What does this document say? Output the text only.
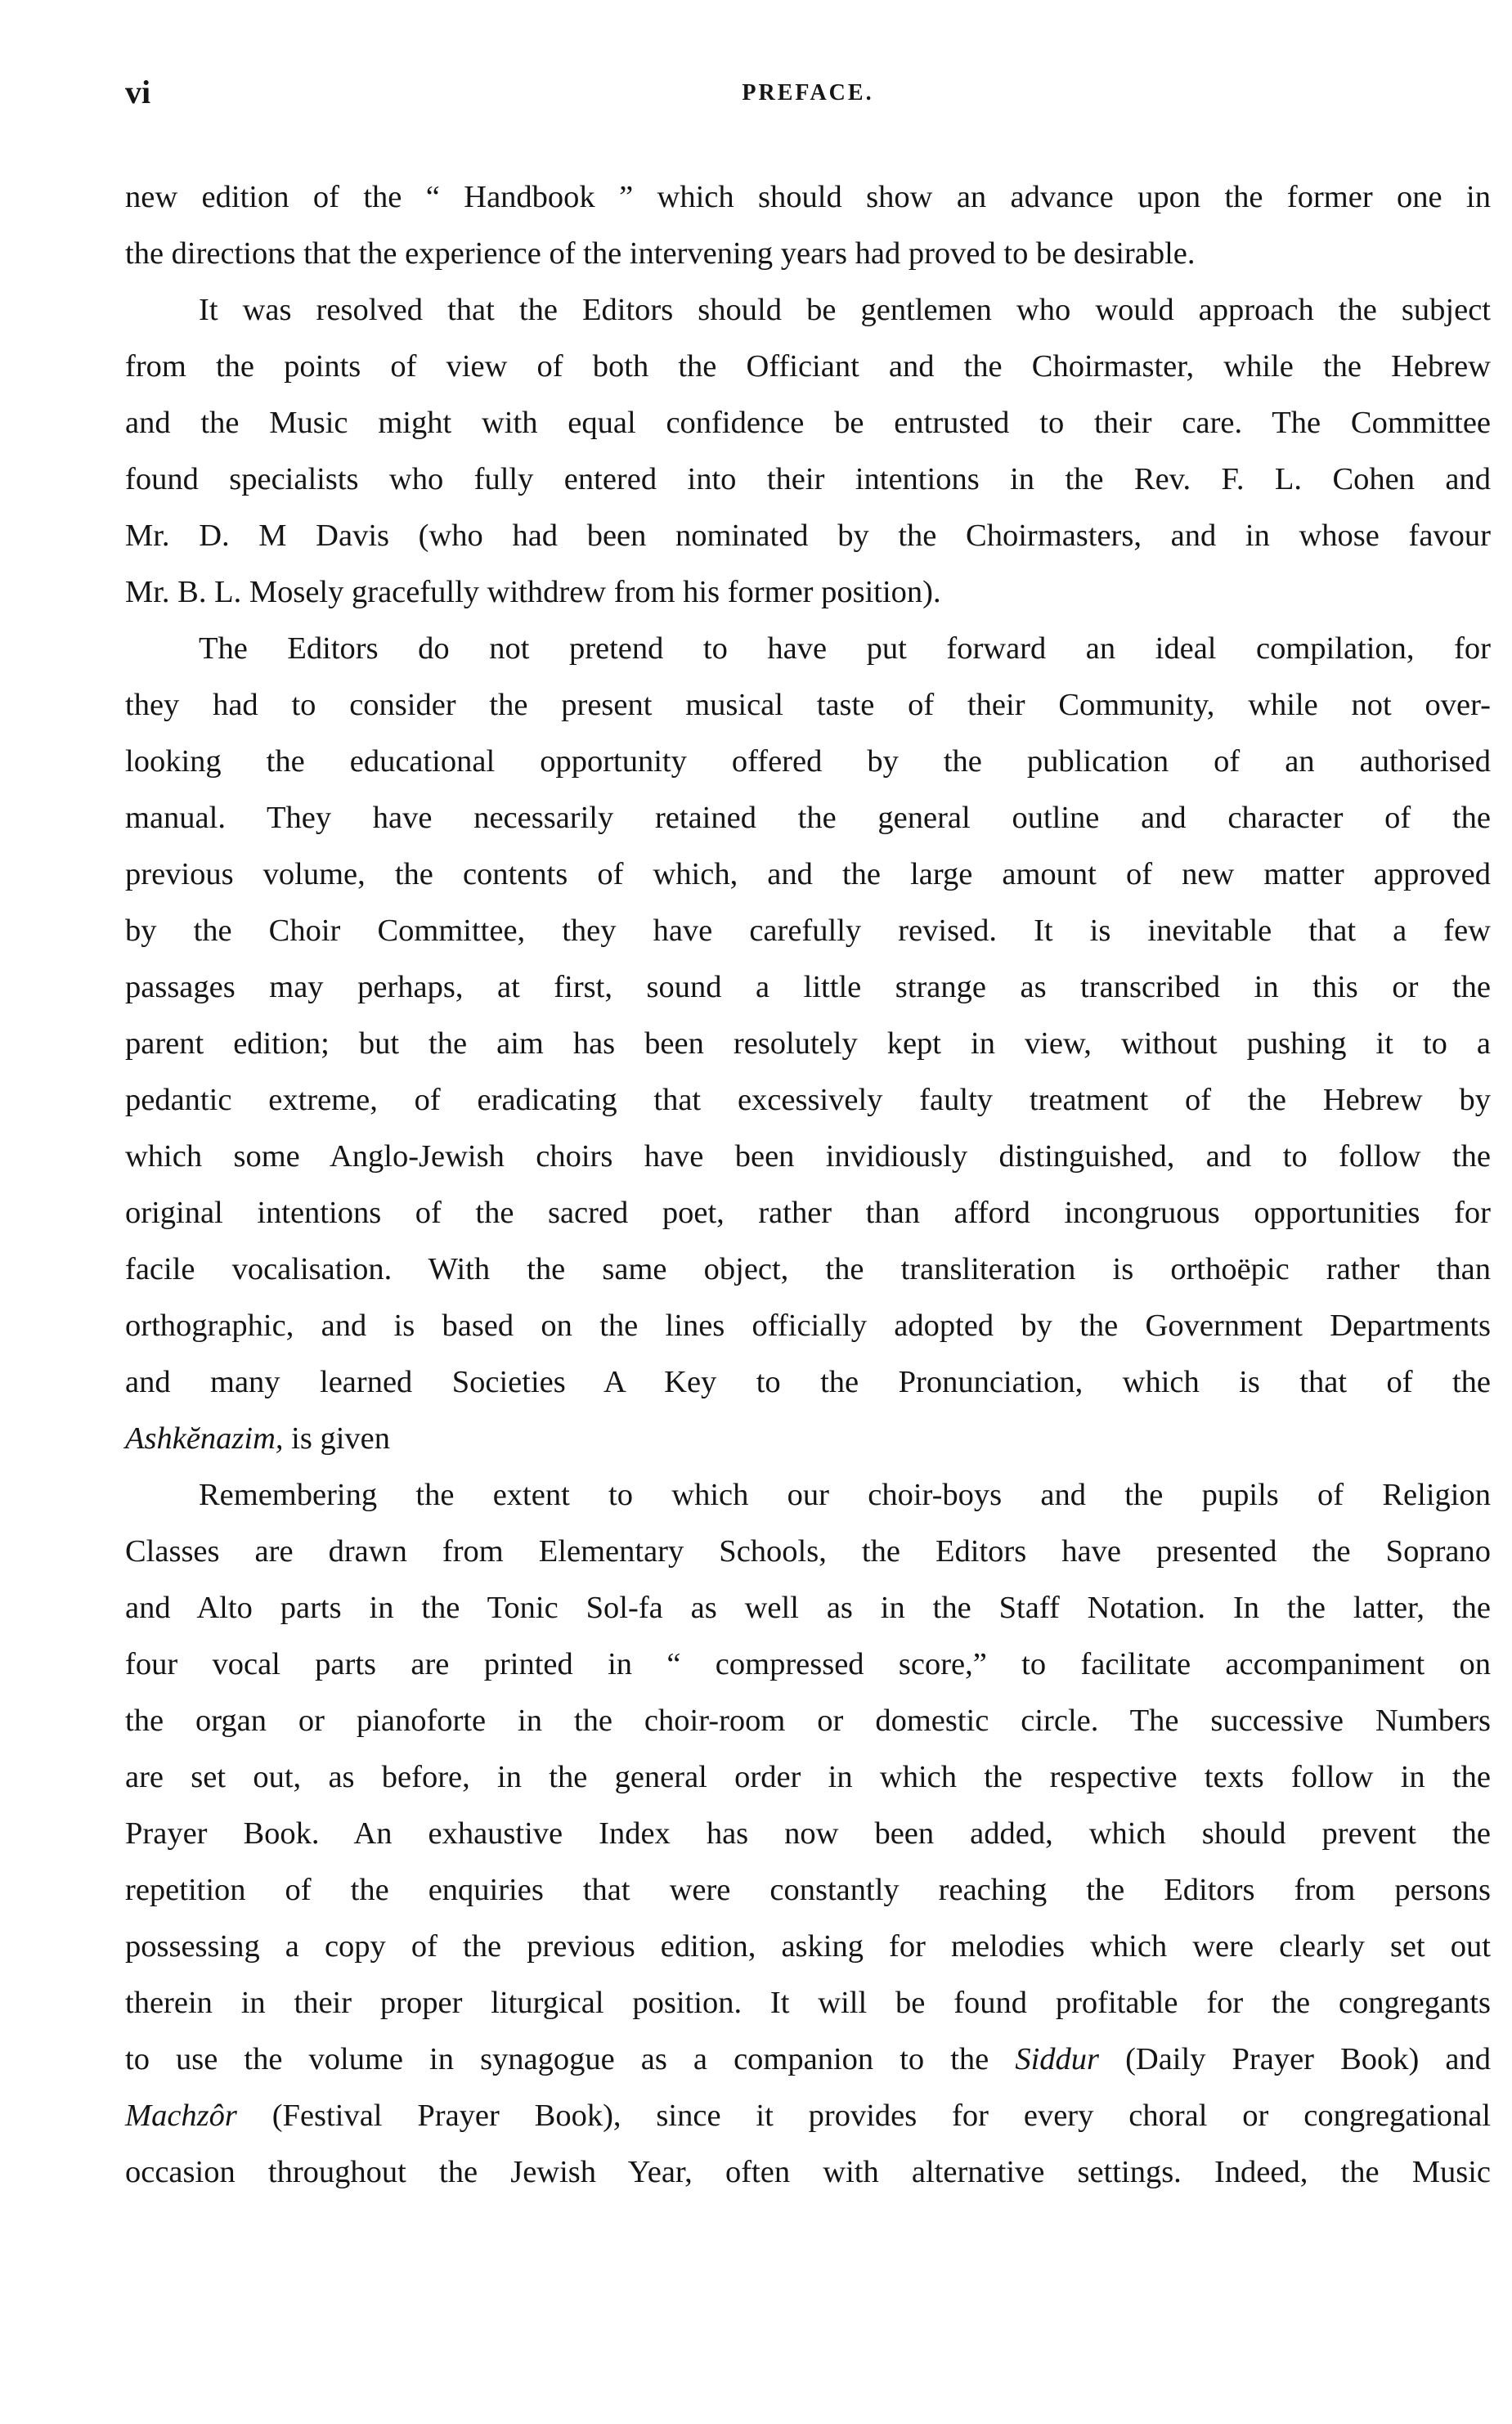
vi	PREFACE.

new edition of the “ Handbook ” which should show an advance upon the former one in
the directions that the experience of the intervening years had proved to be desirable.

It was resolved that the Editors should be gentlemen who would approach the subject
from the points of view of both the Officiant and the Choirmaster, while the Hebrew
and the Music might with equal confidence be entrusted to their care. The Committee
found specialists who fully entered into their intentions in the Rev. F. L. Cohen and
Mr. D. M Davis (who had been nominated by the Choirmasters, and in whose favour
Mr. B. L. Mosely gracefully withdrew from his former position).

The Editors do not pretend to have put forward an ideal compilation, for
they had to consider the present musical taste of their Community, while not over-
looking the educational opportunity offered by the publication of an authorised
manual. They have necessarily retained the general outline and character of the
previous volume, the contents of which, and the large amount of new matter approved
by the Choir Committee, they have carefully revised. It is inevitable that a few
passages may perhaps, at first, sound a little strange as transcribed in this or the
parent edition; but the aim has been resolutely kept in view, without pushing it to a
pedantic extreme, of eradicating that excessively faulty treatment of the Hebrew by
which some Anglo-Jewish choirs have been invidiously distinguished, and to follow the
original intentions of the sacred poet, rather than afford incongruous opportunities for
facile vocalisation. With the same object, the transliteration is orthoëpic rather than
orthographic, and is based on the lines officially adopted by the Government Departments
and many learned Societies A Key to the Pronunciation, which is that of the
Ashkĕnazim, is given

Remembering the extent to which our choir-boys and the pupils of Religion
Classes are drawn from Elementary Schools, the Editors have presented the Soprano
and Alto parts in the Tonic Sol-fa as well as in the Staff Notation. In the latter, the
four vocal parts are printed in “ compressed score,” to facilitate accompaniment on
the organ or pianoforte in the choir-room or domestic circle. The successive Numbers
are set out, as before, in the general order in which the respective texts follow in the
Prayer Book. An exhaustive Index has now been added, which should prevent the
repetition of the enquiries that were constantly reaching the Editors from persons
possessing a copy of the previous edition, asking for melodies which were clearly set out
therein in their proper liturgical position. It will be found profitable for the congregants
to use the volume in synagogue as a companion to the Siddur (Daily Prayer Book) and
Machzôr (Festival Prayer Book), since it provides for every choral or congregational
occasion throughout the Jewish Year, often with alternative settings. Indeed, the Music
